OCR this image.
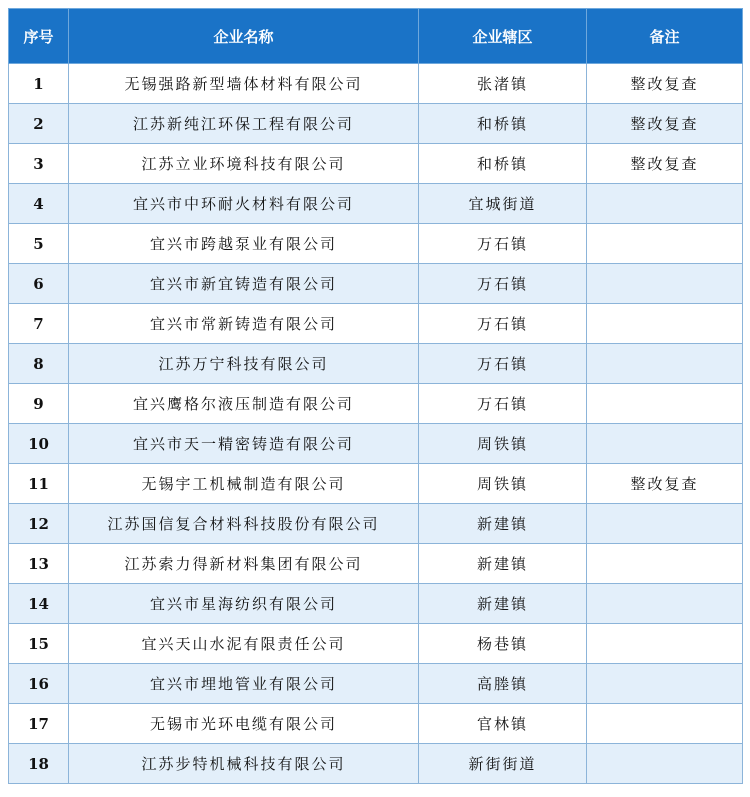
序号	企业名称	企业辖区	备注
1	无锡强路新型墙体材料有限公司	张渚镇	整改复查
2	江苏新纯江环保工程有限公司	和桥镇	整改复查
3	江苏立业环境科技有限公司	和桥镇	整改复查
4	宜兴市中环耐火材料有限公司	宜城街道	
5	宜兴市跨越泵业有限公司	万石镇	
6	宜兴市新宜铸造有限公司	万石镇	
7	宜兴市常新铸造有限公司	万石镇	
8	江苏万宁科技有限公司	万石镇	
9	宜兴鹰格尔液压制造有限公司	万石镇	
10	宜兴市天一精密铸造有限公司	周铁镇	
11	无锡宇工机械制造有限公司	周铁镇	整改复查
12	江苏国信复合材料科技股份有限公司	新建镇	
13	江苏索力得新材料集团有限公司	新建镇	
14	宜兴市星海纺织有限公司	新建镇	
15	宜兴天山水泥有限责任公司	杨巷镇	
16	宜兴市埋地管业有限公司	高塍镇	
17	无锡市光环电缆有限公司	官林镇	
18	江苏步特机械科技有限公司	新街街道	
